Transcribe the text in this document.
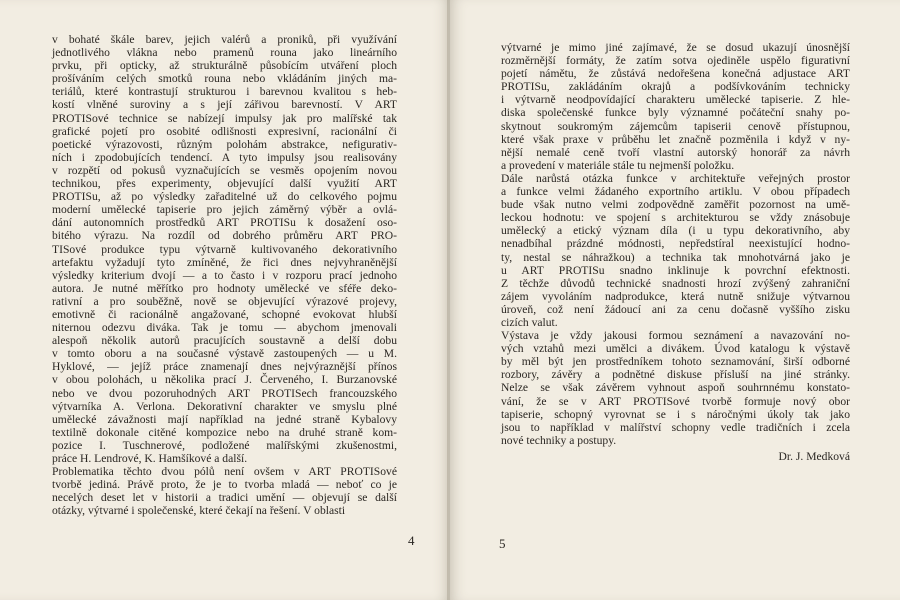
v bohaté škále barev, jejich valérů a proniků, při využívání
jednotlivého vlákna nebo pramenů rouna jako lineárního
prvku, při opticky, až strukturálně působícím utváření ploch
prošíváním celých smotků rouna nebo vkládáním jiných ma-
teriálů, které kontrastují strukturou i barevnou kvalitou s heb-
kostí vlněné suroviny a s její zářivou barevností. V ART
PROTISové technice se nabízejí impulsy jak pro malířské tak
grafické pojetí pro osobité odlišnosti expresivní, racionální či
poetické výrazovosti, různým polohám abstrakce, nefigurativ-
ních i zpodobujících tendencí. A tyto impulsy jsou realisovány
v rozpětí od pokusů vyznačujících se vesměs opojením novou
technikou, přes experimenty, objevující další využití ART
PROTISu, až po výsledky zařaditelné už do celkového pojmu
moderní umělecké tapiserie pro jejich záměrný výběr a ovlá-
dání autonomních prostředků ART PROTISu k dosažení oso-
bitého výrazu. Na rozdíl od dobrého průměru ART PRO-
TISové produkce typu výtvarně kultivovaného dekorativního
artefaktu vyžadují tyto zmíněné, že řici dnes nejvyhraněnější
výsledky kriterium dvojí — a to často i v rozporu prací jednoho
autora. Je nutné měřítko pro hodnoty umělecké ve sféře deko-
rativní a pro souběžně, nově se objevující výrazové projevy,
emotivně či racionálně angažované, schopné evokovat hlubší
niternou odezvu diváka. Tak je tomu — abychom jmenovali
alespoň několik autorů pracujících soustavně a delší dobu
v tomto oboru a na současné výstavě zastoupených — u M.
Hyklové, — jejíž práce znamenají dnes nejvýraznější přínos
v obou polohách, u několika prací J. Červeného, I. Burzanovské
nebo ve dvou pozoruhodných ART PROTISech francouzského
výtvarníka A. Verlona. Dekorativní charakter ve smyslu plné
umělecké závažnosti mají například na jedné straně Kybalovy
textilně dokonale citěné kompozice nebo na druhé straně kom-
pozice I. Tuschnerové, podložené malířskými zkušenostmi,
práce H. Lendrové, K. Hamšíkové a další.
Problematika těchto dvou pólů není ovšem v ART PROTISové
tvorbě jediná. Právě proto, že je to tvorba mladá — neboť co je
necelých deset let v historii a tradici umění — objevují se další
otázky, výtvarné i společenské, které čekají na řešení. V oblasti
4
výtvarné je mimo jiné zajímavé, že se dosud ukazují únosnější
rozměrnější formáty, že zatím sotva ojediněle uspělo figurativní
pojetí námětu, že zůstává nedořešena konečná adjustace ART
PROTISu, zakládáním okrajů a podšívkováním technicky
i výtvarně neodpovídající charakteru umělecké tapiserie. Z hle-
diska společenské funkce byly významné počáteční snahy po-
skytnout soukromým zájemcům tapiserii cenově přístupnou,
které však praxe v průběhu let značně pozměnila i když v ny-
nější nemalé ceně tvoří vlastní autorský honorář za návrh
a provedení v materiále stále tu nejmenší položku.
Dále narůstá otázka funkce v architektuře veřejných prostor
a funkce velmi žádaného exportního artiklu. V obou případech
bude však nutno velmi zodpovědně zaměřit pozornost na umě-
leckou hodnotu: ve spojení s architekturou se vždy znásobuje
umělecký a etický význam díla (i u typu dekorativního, aby
nenadbíhal prázdné módnosti, nepředstíral neexistující hodno-
ty, nestal se náhražkou) a technika tak mnohotvárná jako je
u ART PROTISu snadno inklinuje k povrchní efektnosti.
Z těchže důvodů technické snadnosti hrozí zvýšený zahraniční
zájem vyvoláním nadprodukce, která nutně snižuje výtvarnou
úroveň, což není žádoucí ani za cenu dočasně vyššího zisku
cizích valut.
Výstava je vždy jakousi formou seznámení a navazování no-
vých vztahů mezi umělci a divákem. Úvod katalogu k výstavě
by měl být jen prostředníkem tohoto seznamování, širší odborné
rozbory, závěry a podnětné diskuse přísluší na jiné stránky.
Nelze se však závěrem vyhnout aspoň souhrnnému konstato-
vání, že se v ART PROTISové tvorbě formuje nový obor
tapiserie, schopný vyrovnat se i s náročnými úkoly tak jako
jsou to například v malířství schopny vedle tradičních i zcela
nové techniky a postupy.
Dr. J. Medková
5
